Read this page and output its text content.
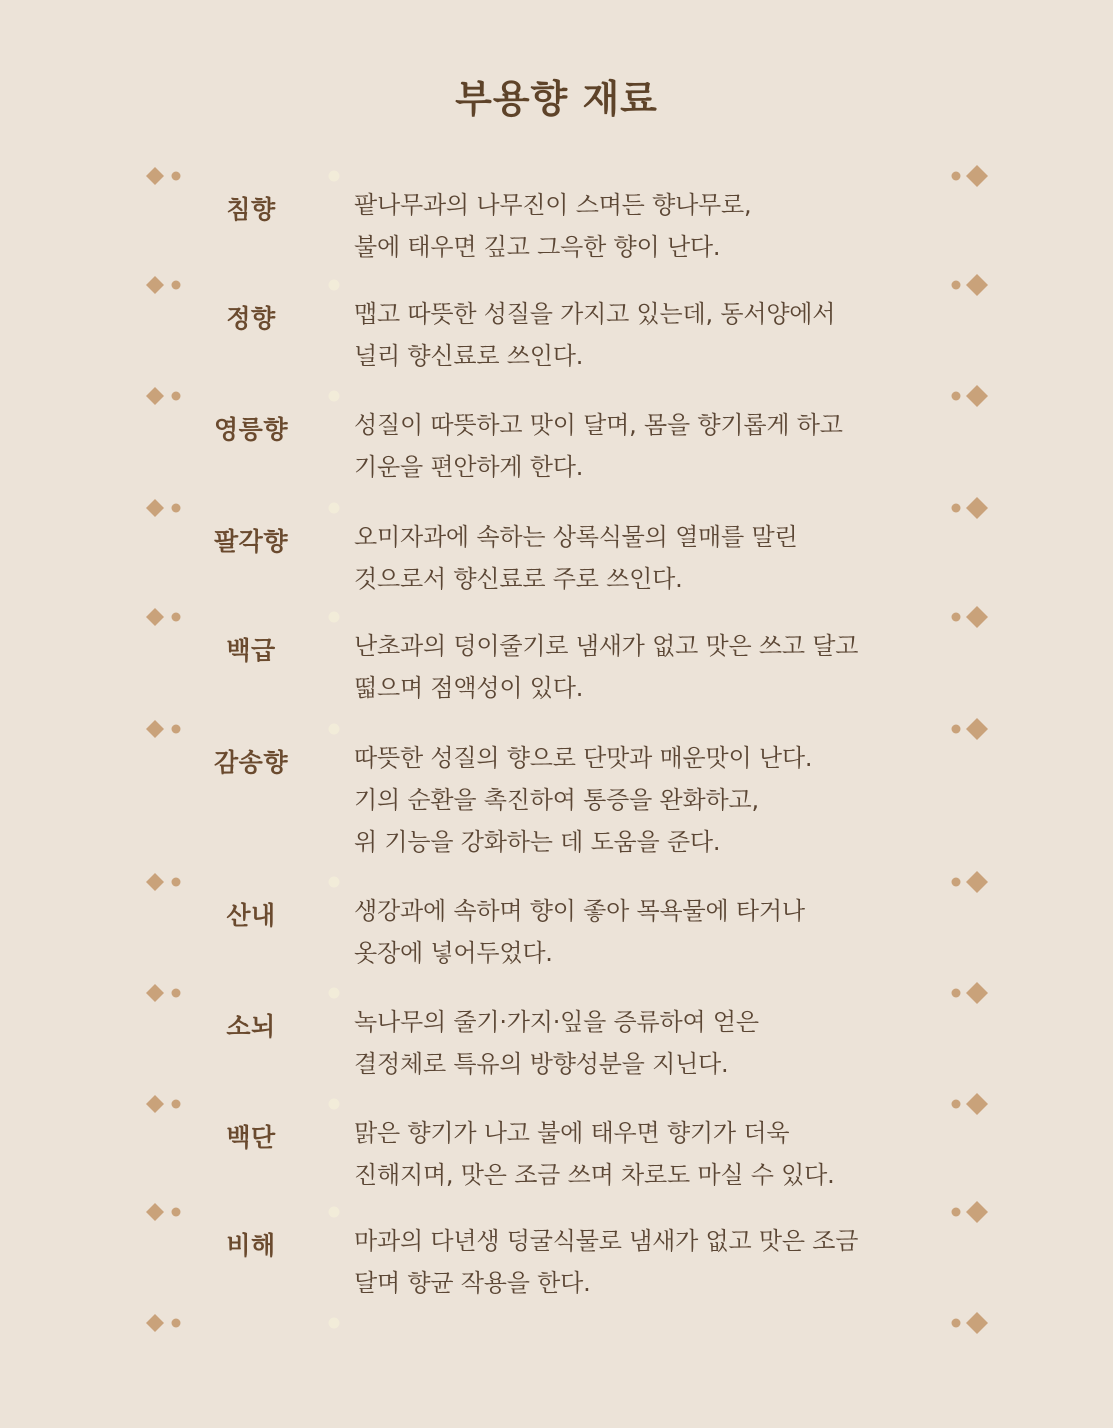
부용향 재료
침향	팥나무과의 나무진이 스며든 향나무로,
불에 태우면 깊고 그윽한 향이 난다.
정향	맵고 따뜻한 성질을 가지고 있는데, 동서양에서
널리 향신료로 쓰인다.
영릉향	성질이 따뜻하고 맛이 달며, 몸을 향기롭게 하고
기운을 편안하게 한다.
팔각향	오미자과에 속하는 상록식물의 열매를 말린
것으로서 향신료로 주로 쓰인다.
백급	난초과의 덩이줄기로 냄새가 없고 맛은 쓰고 달고
떫으며 점액성이 있다.
감송향	따뜻한 성질의 향으로 단맛과 매운맛이 난다.
기의 순환을 촉진하여 통증을 완화하고,
위 기능을 강화하는 데 도움을 준다.
산내	생강과에 속하며 향이 좋아 목욕물에 타거나
옷장에 넣어두었다.
소뇌	녹나무의 줄기·가지·잎을 증류하여 얻은
결정체로 특유의 방향성분을 지닌다.
백단	맑은 향기가 나고 불에 태우면 향기가 더욱
진해지며, 맛은 조금 쓰며 차로도 마실 수 있다.
비해	마과의 다년생 덩굴식물로 냄새가 없고 맛은 조금
달며 향균 작용을 한다.
